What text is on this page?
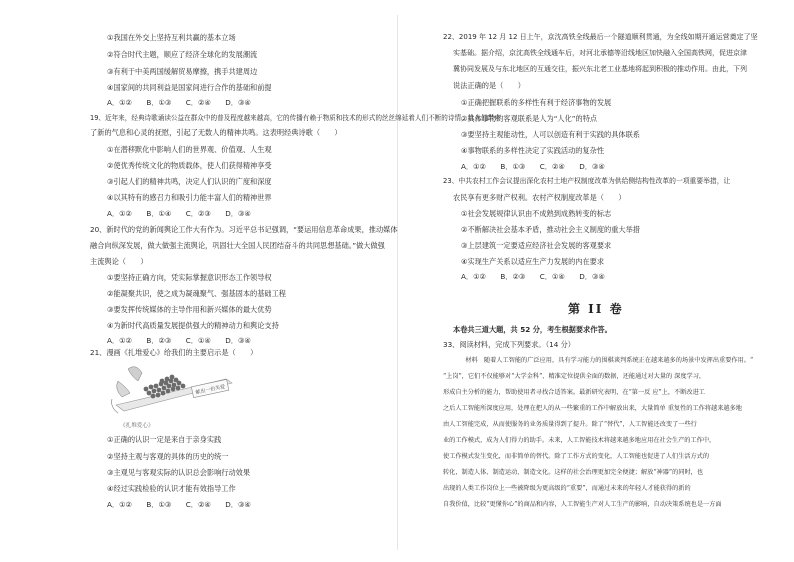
①我国在外交上坚持互利共赢的基本立场
②符合时代主题，顺应了经济全球化的发展潮流
③有利于中美两国缓解贸易摩擦，携手共建周边
④国家间的共同利益是国家间进行合作的基础和前提
A．①②　　B．①③　　C．②④　　D．③④
19、近年来，经典诗歌诵读公益在群众中的普及程度越来越高，它的传播有赖于物质和技术的形式的丝丝绵延着人们不断的诗情，给人们带来
了新的气息和心灵的抚慰，引起了无数人的精神共鸣。这表明经典诗歌（　　）
①在潜移默化中影响人们的世界观、价值观、人生观
②使优秀传统文化的物质载体，使人们获得精神享受
③引起人们的精神共鸣，决定人们认识的广度和深度
④以其特有的感召力和吸引力能丰富人们的精神世界
A．①②　　B．①④　　C．②③　　D．③④
20、新时代的党的新闻舆论工作大有作为。习近平总书记强调，“要运用信息革命成果，推动媒体
融合向纵深发展，做大做强主流舆论，巩固壮大全国人民团结奋斗的共同思想基础。”做大做强
主流舆论（　　）
①要坚持正确方向，凭实际掌握意识形态工作领导权
②能凝聚共识，使之成为凝魂聚气、强基固本的基础工程
③要发挥传统媒体的主导作用和新兴媒体的最大优势
④为新时代高质量发展提供强大的精神动力和舆论支持
A．①②　　B．②③　　C．①④　　D．③④
21、漫画《扎堆爱心》给我们的主要启示是（　　）
献出一份关爱
《扎堆爱心》
①正确的认识一定是来自于亲身实践
②坚持主观与客观的具体的历史的统一
③主观见与客观实际的认识总会影响行动效果
④经过实践检验的认识才能有效指导工作
A．①②　　B．①③　　C．②④　　D．③④
22、2019 年 12 月 12 日上午，京沈高铁全线最后一个隧道顺利贯通，为全线如期开通运营奠定了坚
实基础。据介绍，京沈高铁全线通车后，对河北承德等沿线地区加快融入全国高铁网，促进京津
冀协同发展及与东北地区的互通交往，振兴东北老工业基地将起到积极的推动作用。由此，下列
说法正确的是（　　）
①正确把握联系的多样性有利于经济事物的发展
②具体事物的客观联系是人为“人化”的特点
③要坚持主观能动性，人可以创造有利于实践的具体联系
④事物联系的多样性决定了实践活动的复杂性
A．①②　　B．①③　　C．②④　　D．③④
23、中共农村工作会议提出深化农村土地产权制度改革为供给侧结构性改革的一项重要举措，让
农民享有更多财产权利。农村产权制度改革是（　　）
①社会发展规律认识由不成熟到成熟转变的标志
②不断解决社会基本矛盾，推动社会主义制度的重大举措
③上层建筑一定要适应经济社会发展的客观要求
④实现生产关系以适应生产力发展的内在要求
A．①②　　B．②③　　C．①④　　D．③④
第 II 卷
本卷共三道大题，共 52 分，考生根据要求作答。
33、阅读材料，完成下列要求。（14 分）
　　材料　随着人工智能的广泛应用，具有学习能力的围棋谈判系统正在越来越多的场景中发挥出重要作用。“
“上岗”，它们不仅能够对“大学金科”、精准定位提供全面的数据，还能通过对大量的 深度学习，
形成自主分析的能力，帮助使用者寻找合适答案。最新研究表明，在“第一反 应”上，不断改进工
之后人工智能所深度应用，处理在把人的从一些繁重的工作中解放出来，大量简单 重复性的工作将越来越多地
由人工智能完成，从而使服务的业务质量得到了提升。除了“替代”，人工智能还改变了一些行
业的工作模式，成为人们得力的助手。未来，人工智能技术将越来越多地应用在社会生产的工作中，
使工作模式发生变化，而非简单的替代。除了工作方式的变化，人工智能也促进了人们生活方式的
转化，制造人体、制造运动、制造文化。这样的社会治理更加完全便捷；解放“神器”的同时，也
出现的人类工作岗位上一些被降级为更高级的“重要”，而通过未来的年轻人才能获得的新的
自我价值，比较“更懂你心”的商品和内容，人工智能生产对人工生产的影响，自动决策系统也是一方面
